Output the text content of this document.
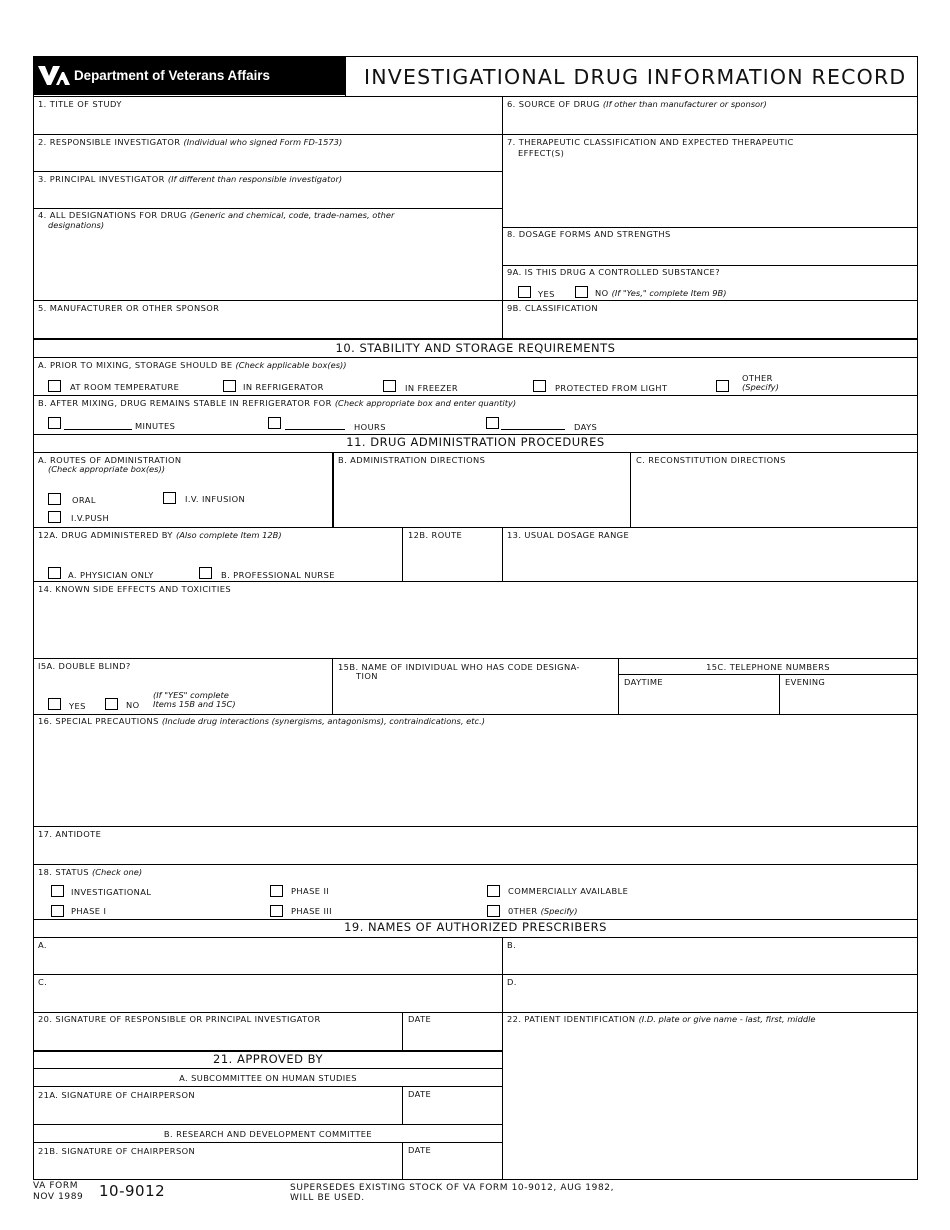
Department of Veterans Affairs	INVESTIGATIONAL DRUG INFORMATION RECORD
1. TITLE OF STUDY
2. RESPONSIBLE INVESTIGATOR (Individual who signed Form FD-1573)
3. PRINCIPAL INVESTIGATOR (If different than responsible investigator)
4. ALL DESIGNATIONS FOR DRUG (Generic and chemical, code, trade-names, other
designations)
5. MANUFACTURER OR OTHER SPONSOR
6. SOURCE OF DRUG (If other than manufacturer or sponsor)
7. THERAPEUTIC CLASSIFICATION AND EXPECTED THERAPEUTIC
EFFECT(S)
8. DOSAGE FORMS AND STRENGTHS
9A. IS THIS DRUG A CONTROLLED SUBSTANCE?
YES	NO (If "Yes," complete Item 9B)
9B. CLASSIFICATION
10. STABILITY AND STORAGE REQUIREMENTS
A. PRIOR TO MIXING, STORAGE SHOULD BE (Check applicable box(es))
AT ROOM TEMPERATURE	IN REFRIGERATOR	IN FREEZER	PROTECTED FROM LIGHT
OTHER
(Specify)
B. AFTER MIXING, DRUG REMAINS STABLE IN REFRIGERATOR FOR (Check appropriate box and enter quantity)
MINUTES	HOURS	DAYS
11. DRUG ADMINISTRATION PROCEDURES
A. ROUTES OF ADMINISTRATION
(Check appropriate box(es))
ORAL	I.V. INFUSION
I.V.PUSH
B. ADMINISTRATION DIRECTIONS	C. RECONSTITUTION DIRECTIONS
12A. DRUG ADMINISTERED BY (Also complete Item 12B)
A. PHYSICIAN ONLY	B. PROFESSIONAL NURSE
12B. ROUTE	13. USUAL DOSAGE RANGE
14. KNOWN SIDE EFFECTS AND TOXICITIES
I5A. DOUBLE BLIND?
YES	NO
(If "YES" complete
Items 15B and 15C)
15B. NAME OF INDIVIDUAL WHO HAS CODE DESIGNA-
TION
15C. TELEPHONE NUMBERS
DAYTIME	EVENING
16. SPECIAL PRECAUTIONS (Include drug interactions (synergisms, antagonisms), contraindications, etc.)
17. ANTIDOTE
18. STATUS (Check one)
INVESTIGATIONAL
PHASE I
PHASE II
PHASE III
COMMERCIALLY AVAILABLE
0THER (Specify)
19. NAMES OF AUTHORIZED PRESCRIBERS
A.	B.
C.	D.
20. SIGNATURE OF RESPONSIBLE OR PRINCIPAL INVESTIGATOR	DATE	22. PATIENT IDENTIFICATION (I.D. plate or give name - last, first, middle
21. APPROVED BY
A. SUBCOMMITTEE ON HUMAN STUDIES
21A. SIGNATURE OF CHAIRPERSON	DATE
B. RESEARCH AND DEVELOPMENT COMMITTEE
21B. SIGNATURE OF CHAIRPERSON	DATE
VA FORM
NOV 1989 10-9012	SUPERSEDES EXISTING STOCK OF VA FORM 10-9012, AUG 1982,
WILL BE USED.
